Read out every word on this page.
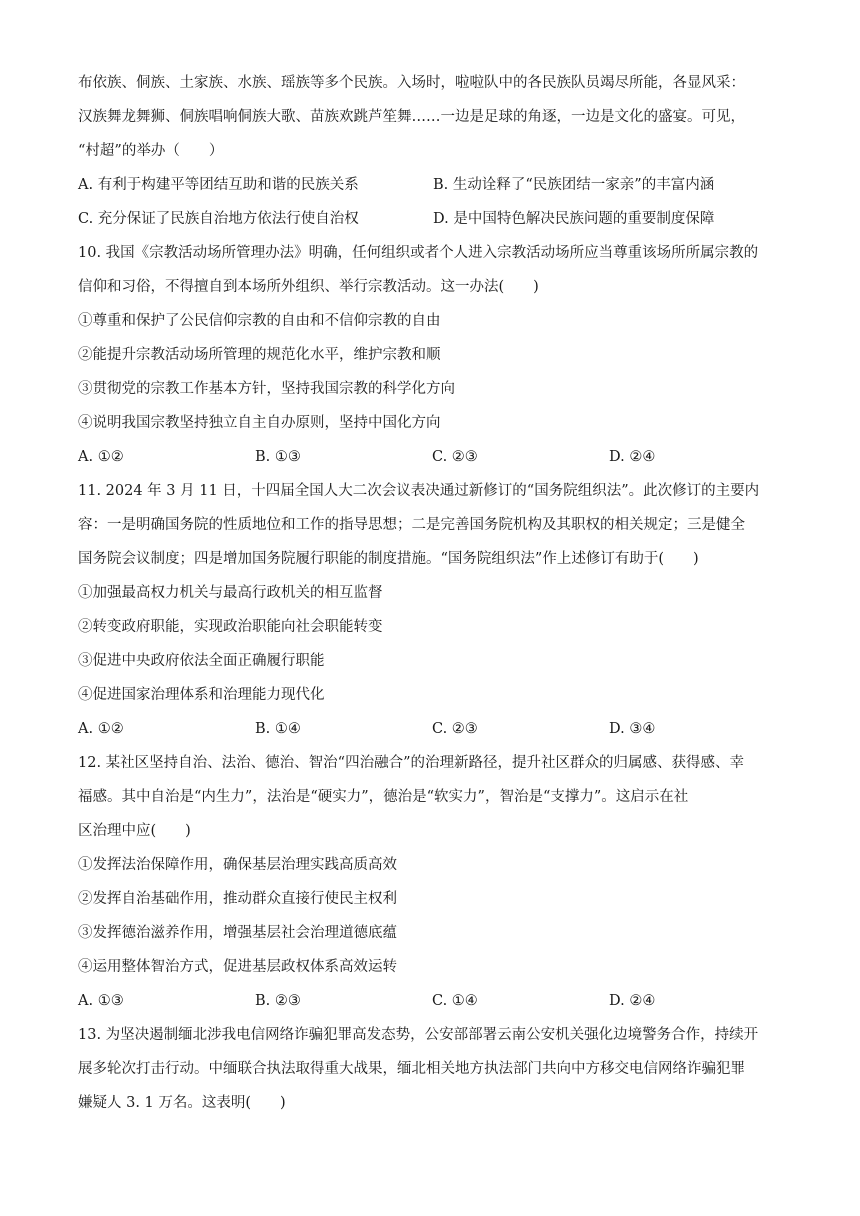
布依族、侗族、土家族、水族、瑶族等多个民族。入场时，啦啦队中的各民族队员竭尽所能，各显风采：
汉族舞龙舞狮、侗族唱响侗族大歌、苗族欢跳芦笙舞……一边是足球的角逐，一边是文化的盛宴。可见，
“村超”的举办（　　）
A. 有利于构建平等团结互助和谐的民族关系	B. 生动诠释了“民族团结一家亲”的丰富内涵
C. 充分保证了民族自治地方依法行使自治权	D. 是中国特色解决民族问题的重要制度保障
10. 我国《宗教活动场所管理办法》明确，任何组织或者个人进入宗教活动场所应当尊重该场所所属宗教的
信仰和习俗，不得擅自到本场所外组织、举行宗教活动。这一办法(　　)
①尊重和保护了公民信仰宗教的自由和不信仰宗教的自由
②能提升宗教活动场所管理的规范化水平，维护宗教和顺
③贯彻党的宗教工作基本方针，坚持我国宗教的科学化方向
④说明我国宗教坚持独立自主自办原则，坚持中国化方向
A. ①②	B. ①③	C. ②③	D. ②④
11. 2024 年 3 月 11 日，十四届全国人大二次会议表决通过新修订的“国务院组织法”。此次修订的主要内
容：一是明确国务院的性质地位和工作的指导思想；二是完善国务院机构及其职权的相关规定；三是健全
国务院会议制度；四是增加国务院履行职能的制度措施。“国务院组织法”作上述修订有助于(　　)
①加强最高权力机关与最高行政机关的相互监督
②转变政府职能，实现政治职能向社会职能转变
③促进中央政府依法全面正确履行职能
④促进国家治理体系和治理能力现代化
A. ①②	B. ①④	C. ②③	D. ③④
12. 某社区坚持自治、法治、德治、智治“四治融合”的治理新路径，提升社区群众的归属感、获得感、幸
福感。其中自治是“内生力”，法治是“硬实力”，德治是“软实力”，智治是“支撑力”。这启示在社
区治理中应(　　)
①发挥法治保障作用，确保基层治理实践高质高效
②发挥自治基础作用，推动群众直接行使民主权利
③发挥德治滋养作用，增强基层社会治理道德底蕴
④运用整体智治方式，促进基层政权体系高效运转
A. ①③	B. ②③	C. ①④	D. ②④
13. 为坚决遏制缅北涉我电信网络诈骗犯罪高发态势，公安部部署云南公安机关强化边境警务合作，持续开
展多轮次打击行动。中缅联合执法取得重大战果，缅北相关地方执法部门共向中方移交电信网络诈骗犯罪
嫌疑人 3. 1 万名。这表明(　　)
